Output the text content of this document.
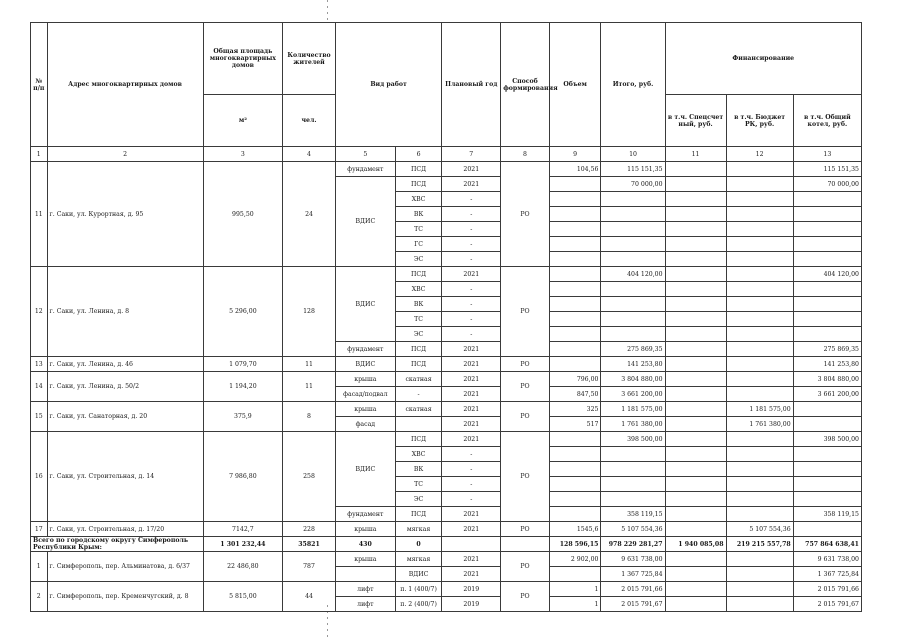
№ п/п	Адрес многоквартирных домов	Общая площадь многоквартирных домов	Количество жителей	Вид работ		Плановый год	Способ формирования	Объем	Итого, руб.	Финансирование		
		м²	чел.							в т.ч. Спецсчет ный, руб.	в т.ч. Бюджет РК, руб.	в т.ч. Общий котел, руб.
1	2	3	4	5	6	7	8	9	10	11	12	13
11	г. Саки, ул. Курортная, д. 95	995,50	24	фундамент	ПСД	2021	РО	104,56	115 151,35			115 151,35
				ВДИС	ПСД	2021			70 000,00			70 000,00
					ХВС	-						
					ВК	-						
					ТС	-						
					ГС	-						
					ЭС	-						
12	г. Саки, ул. Ленина, д. 8	5 296,00	128	ВДИС	ПСД	2021	РО		404 120,00			404 120,00
					ХВС	-						
					ВК	-						
					ТС	-						
					ЭС	-						
				фундамент	ПСД	2021			275 869,35			275 869,35
13	г. Саки, ул. Ленина, д. 46	1 079,70	11	ВДИС	ПСД	2021	РО		141 253,80			141 253,80
14	г. Саки, ул. Ленина, д. 50/2	1 194,20	11	крыша	скатная	2021	РО	796,00	3 804 880,00			3 804 880,00
				фасад/подвал	-	2021		847,50	3 661 200,00			3 661 200,00
15	г. Саки, ул. Санаторная, д. 20	375,9	8	крыша	скатная	2021	РО	325	1 181 575,00		1 181 575,00	
				фасад		2021		517	1 761 380,00		1 761 380,00	
16	г. Саки, ул. Строительная, д. 14	7 986,80	258	ВДИС	ПСД	2021	РО		398 500,00			398 500,00
					ХВС	-						
					ВК	-						
					ТС	-						
					ЭС	-						
				фундамент	ПСД	2021			358 119,15			358 119,15
17	г. Саки, ул. Строительная, д. 17/20	7142,7	228	крыша	мягкая	2021	РО	1545,6	5 107 554,36		5 107 554,36	
Всего по городскому округу Симферополь Республики Крым:		1 301 232,44	35821	430	0			128 596,15	978 229 281,27	1 940 085,08	219 215 557,78	757 864 638,41
1	г. Симферополь, пер. Альминатова, д. 6/37	22 486,80	787	крыша	мягкая	2021	РО	2 902,00	9 631 738,00			9 631 738,00
					ВДИС	2021			1 367 725,84			1 367 725,84
2	г. Симферополь, пер. Кременчугский, д. 8	5 815,00	44	лифт	п. 1 (400/7)	2019	РО	1	2 015 791,66			2 015 791,66
				лифт	п. 2 (400/7)	2019		1	2 015 791,67			2 015 791,67
